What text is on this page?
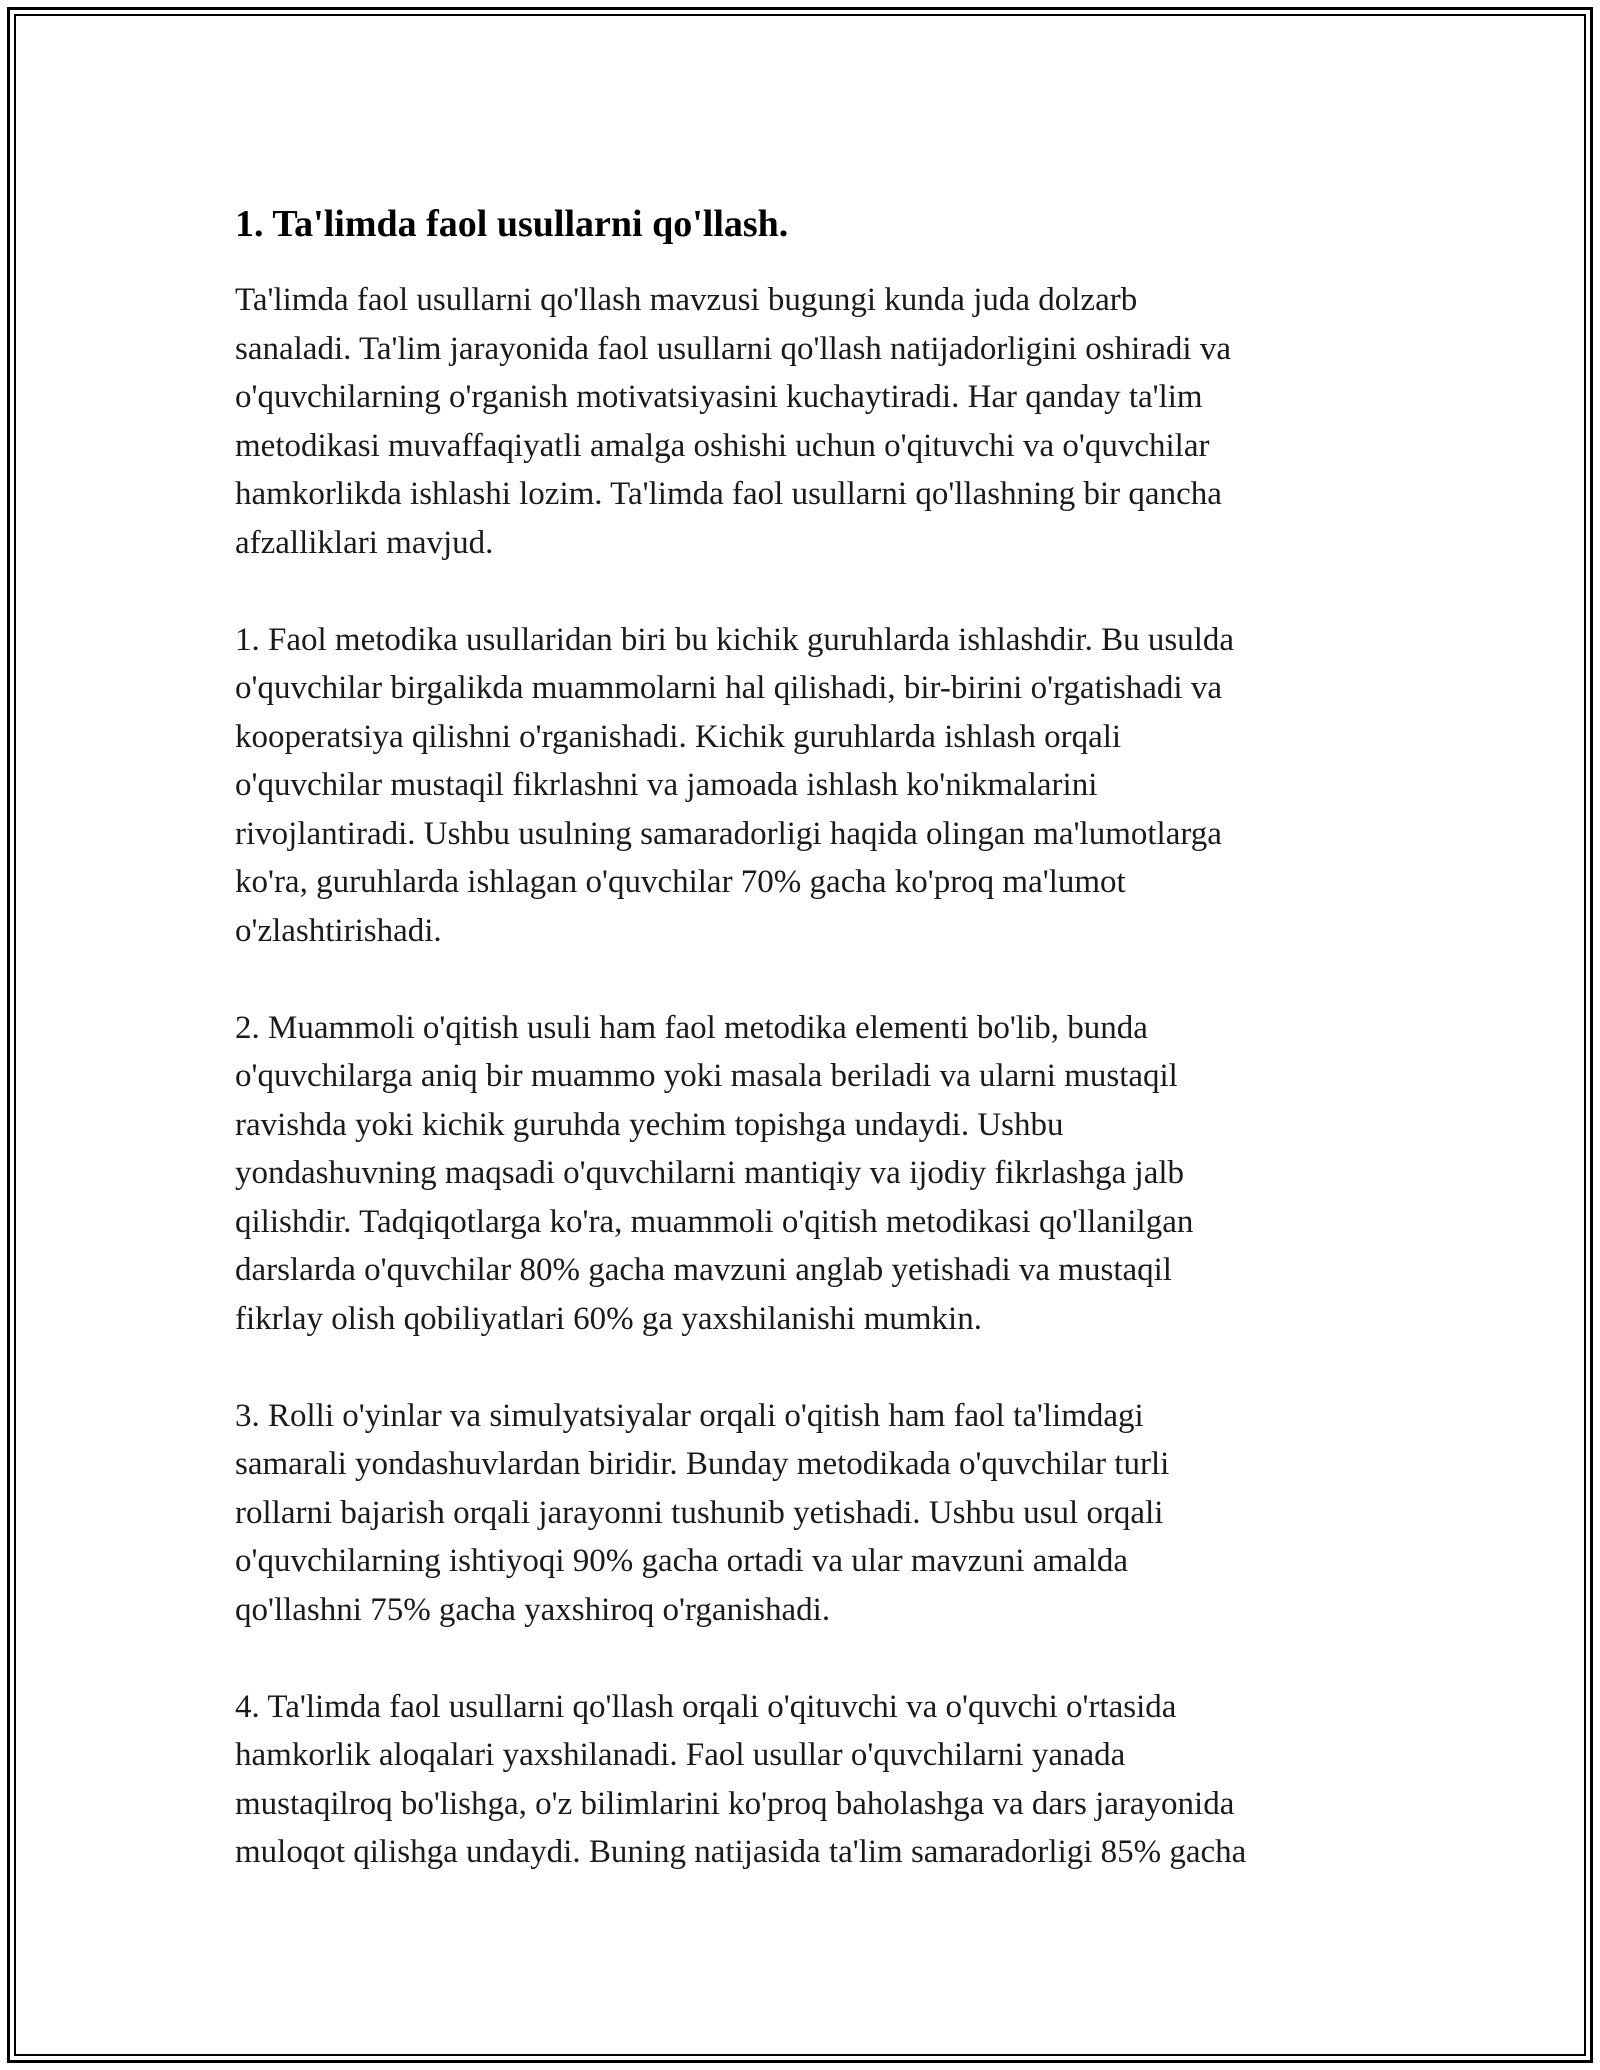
1. Ta'limda faol usullarni qo'llash.

Ta'limda faol usullarni qo'llash mavzusi bugungi kunda juda dolzarb
sanaladi. Ta'lim jarayonida faol usullarni qo'llash natijadorligini oshiradi va
o'quvchilarning o'rganish motivatsiyasini kuchaytiradi. Har qanday ta'lim
metodikasi muvaffaqiyatli amalga oshishi uchun o'qituvchi va o'quvchilar
hamkorlikda ishlashi lozim. Ta'limda faol usullarni qo'llashning bir qancha
afzalliklari mavjud.

1. Faol metodika usullaridan biri bu kichik guruhlarda ishlashdir. Bu usulda
o'quvchilar birgalikda muammolarni hal qilishadi, bir-birini o'rgatishadi va
kooperatsiya qilishni o'rganishadi. Kichik guruhlarda ishlash orqali
o'quvchilar mustaqil fikrlashni va jamoada ishlash ko'nikmalarini
rivojlantiradi. Ushbu usulning samaradorligi haqida olingan ma'lumotlarga
ko'ra, guruhlarda ishlagan o'quvchilar 70% gacha ko'proq ma'lumot
o'zlashtirishadi.

2. Muammoli o'qitish usuli ham faol metodika elementi bo'lib, bunda
o'quvchilarga aniq bir muammo yoki masala beriladi va ularni mustaqil
ravishda yoki kichik guruhda yechim topishga undaydi. Ushbu
yondashuvning maqsadi o'quvchilarni mantiqiy va ijodiy fikrlashga jalb
qilishdir. Tadqiqotlarga ko'ra, muammoli o'qitish metodikasi qo'llanilgan
darslarda o'quvchilar 80% gacha mavzuni anglab yetishadi va mustaqil
fikrlay olish qobiliyatlari 60% ga yaxshilanishi mumkin.

3. Rolli o'yinlar va simulyatsiyalar orqali o'qitish ham faol ta'limdagi
samarali yondashuvlardan biridir. Bunday metodikada o'quvchilar turli
rollarni bajarish orqali jarayonni tushunib yetishadi. Ushbu usul orqali
o'quvchilarning ishtiyoqi 90% gacha ortadi va ular mavzuni amalda
qo'llashni 75% gacha yaxshiroq o'rganishadi.

4. Ta'limda faol usullarni qo'llash orqali o'qituvchi va o'quvchi o'rtasida
hamkorlik aloqalari yaxshilanadi. Faol usullar o'quvchilarni yanada
mustaqilroq bo'lishga, o'z bilimlarini ko'proq baholashga va dars jarayonida
muloqot qilishga undaydi. Buning natijasida ta'lim samaradorligi 85% gacha
